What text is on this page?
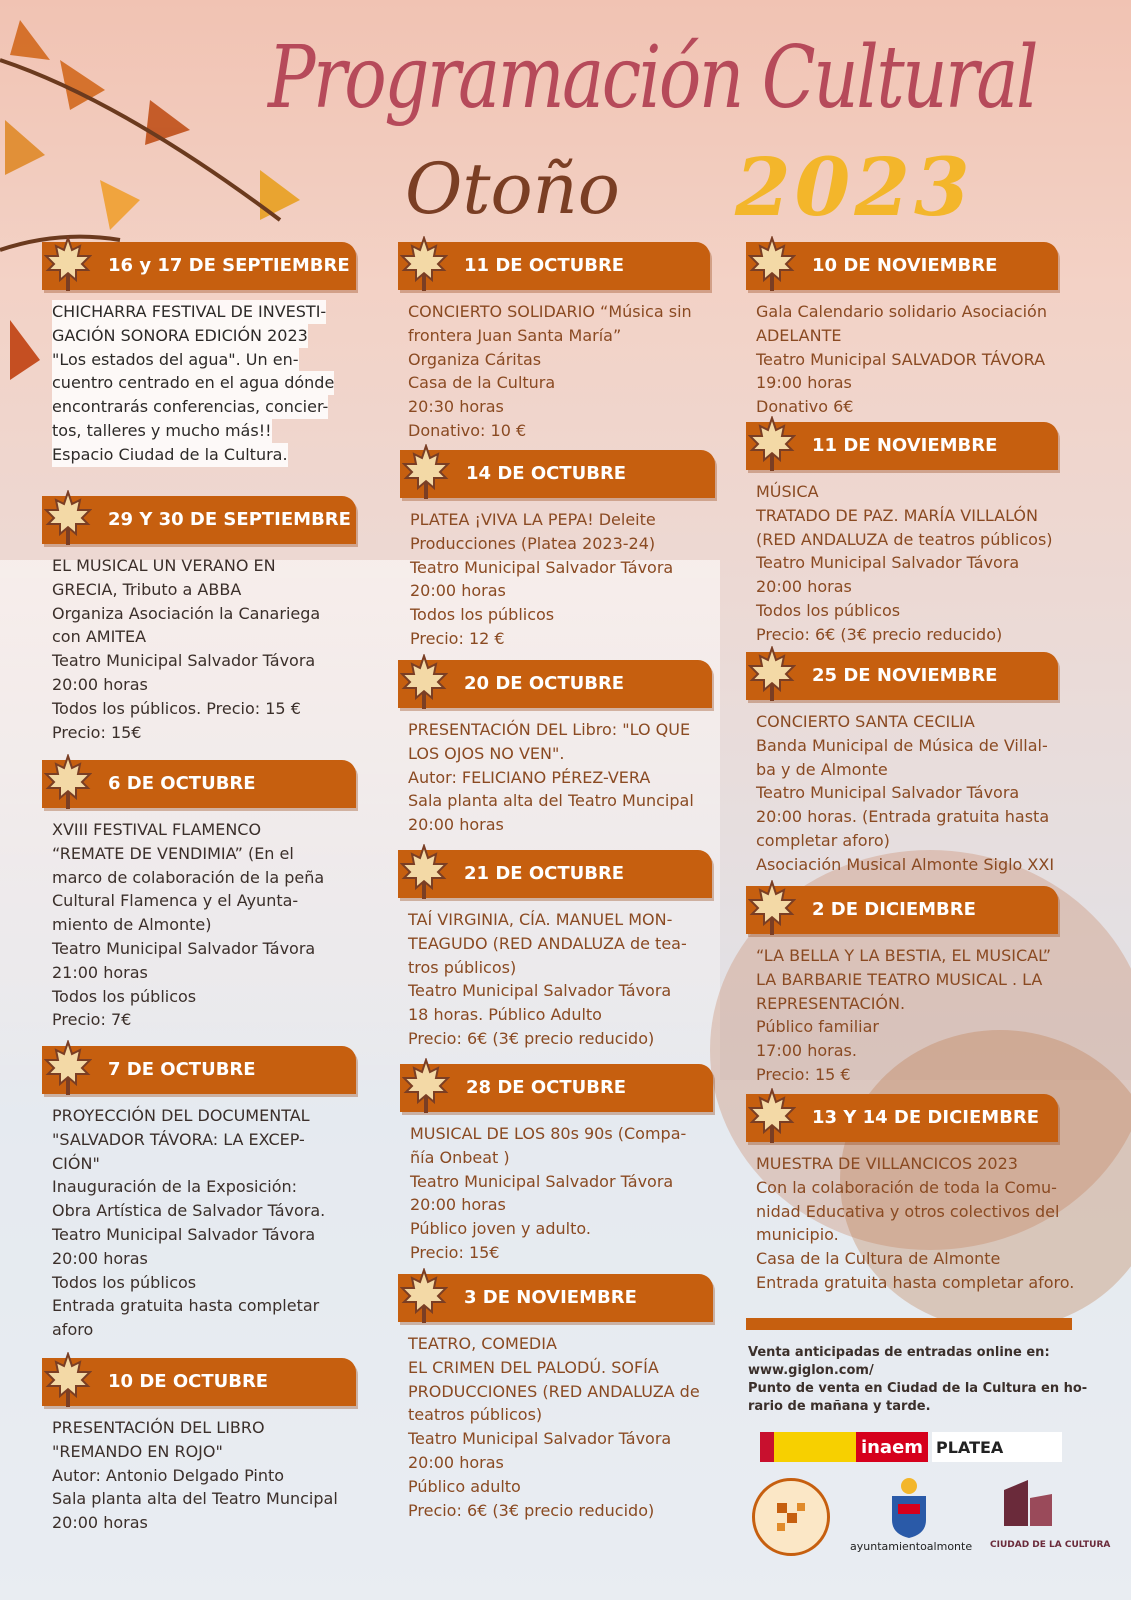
Programación Cultural
Otoño 2023
16 y 17 DE SEPTIEMBRE
CHICHARRA FESTIVAL DE INVESTI-
GACIÓN SONORA EDICIÓN 2023
"Los estados del agua". Un en-
cuentro centrado en el agua dónde
encontrarás conferencias, concier-
tos, talleres y mucho más!!
Espacio Ciudad de la Cultura.
29 Y 30 DE SEPTIEMBRE
EL MUSICAL UN VERANO EN
GRECIA, Tributo a ABBA
Organiza Asociación la Canariega
con AMITEA
Teatro Municipal Salvador Távora
20:00 horas
Todos los públicos. Precio: 15 €
Precio: 15€
6 DE OCTUBRE
XVIII FESTIVAL FLAMENCO
“REMATE DE VENDIMIA” (En el
marco de colaboración de la peña
Cultural Flamenca y el Ayunta-
miento de Almonte)
Teatro Municipal Salvador Távora
21:00 horas
Todos los públicos
Precio: 7€
7 DE OCTUBRE
PROYECCIÓN DEL DOCUMENTAL
"SALVADOR TÁVORA: LA EXCEP-
CIÓN"
Inauguración de la Exposición:
Obra Artística de Salvador Távora.
Teatro Municipal Salvador Távora
20:00 horas
Todos los públicos
Entrada gratuita hasta completar
aforo
10 DE OCTUBRE
PRESENTACIÓN DEL LIBRO
"REMANDO EN ROJO"
Autor: Antonio Delgado Pinto
Sala planta alta del Teatro Muncipal
20:00 horas
11 DE OCTUBRE
CONCIERTO SOLIDARIO “Música sin
frontera Juan Santa María”
Organiza Cáritas
Casa de la Cultura
20:30 horas
Donativo: 10 €
14 DE OCTUBRE
PLATEA ¡VIVA LA PEPA! Deleite
Producciones (Platea 2023-24)
Teatro Municipal Salvador Távora
20:00 horas
Todos los públicos
Precio: 12 €
20 DE OCTUBRE
PRESENTACIÓN DEL Libro: "LO QUE
LOS OJOS NO VEN".
Autor: FELICIANO PÉREZ-VERA
Sala planta alta del Teatro Muncipal
20:00 horas
21 DE OCTUBRE
TAÍ VIRGINIA, CÍA. MANUEL MON-
TEAGUDO (RED ANDALUZA de tea-
tros públicos)
Teatro Municipal Salvador Távora
18 horas. Público Adulto
Precio: 6€ (3€ precio reducido)
28 DE OCTUBRE
MUSICAL DE LOS 80s 90s (Compa-
ñía Onbeat )
Teatro Municipal Salvador Távora
20:00 horas
Público joven y adulto.
Precio: 15€
3 DE NOVIEMBRE
TEATRO, COMEDIA
EL CRIMEN DEL PALODÚ. SOFÍA
PRODUCCIONES (RED ANDALUZA de
teatros públicos)
Teatro Municipal Salvador Távora
20:00 horas
Público adulto
Precio: 6€ (3€ precio reducido)
10 DE NOVIEMBRE
Gala Calendario solidario Asociación
ADELANTE
Teatro Municipal SALVADOR TÁVORA
19:00 horas
Donativo 6€
11 DE NOVIEMBRE
MÚSICA
TRATADO DE PAZ. MARÍA VILLALÓN
(RED ANDALUZA de teatros públicos)
Teatro Municipal Salvador Távora
20:00 horas
Todos los públicos
Precio: 6€ (3€ precio reducido)
25 DE NOVIEMBRE
CONCIERTO SANTA CECILIA
Banda Municipal de Música de Villal-
ba y de Almonte
Teatro Municipal Salvador Távora
20:00 horas. (Entrada gratuita hasta
completar aforo)
Asociación Musical Almonte Siglo XXI
2 DE DICIEMBRE
“LA BELLA Y LA BESTIA, EL MUSICAL”
LA BARBARIE TEATRO MUSICAL . LA
REPRESENTACIÓN.
Público familiar
17:00 horas.
Precio: 15 €
13 Y 14 DE DICIEMBRE
MUESTRA DE VILLANCICOS 2023
Con la colaboración de toda la Comu-
nidad Educativa y otros colectivos del
municipio.
Casa de la Cultura de Almonte
Entrada gratuita hasta completar aforo.
Venta anticipadas de entradas online en:
www.giglon.com/
Punto de venta en Ciudad de la Cultura en ho-
rario de mañana y tarde.
inaem PLATEA
ayuntamientoalmonte CIUDAD DE LA CULTURA
